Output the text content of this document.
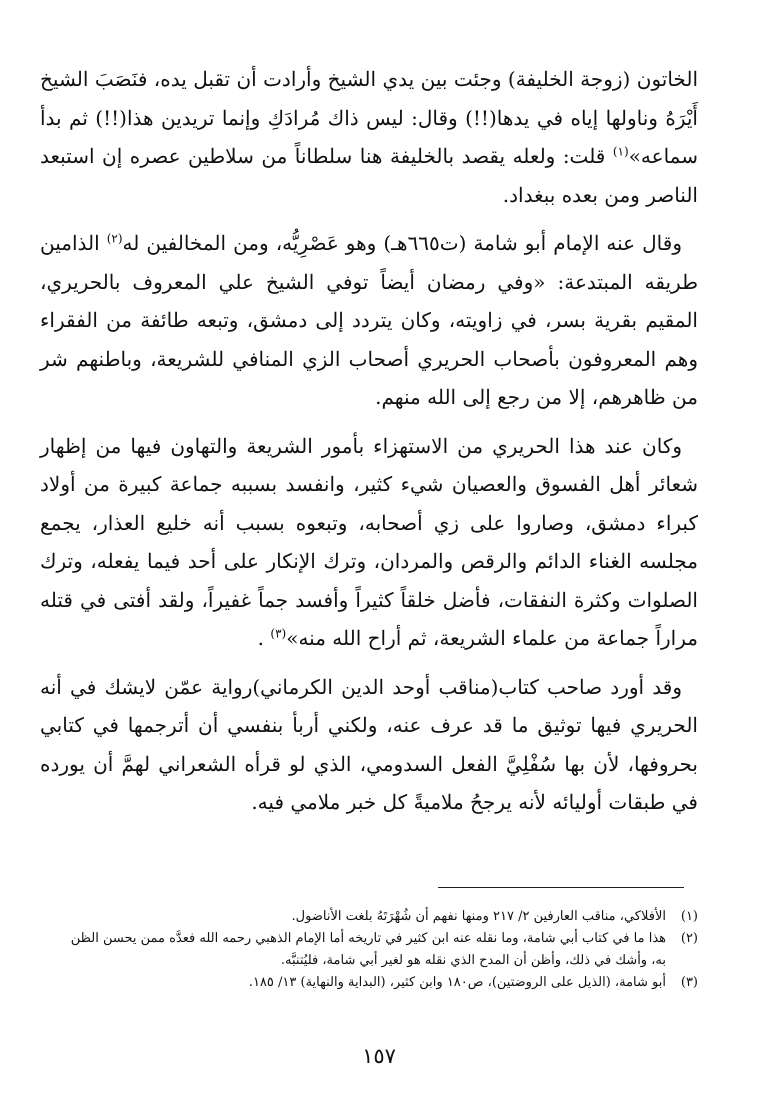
الخاتون (زوجة الخليفة) وجئت بين يدي الشيخ وأرادت أن تقبل يده، فنَصَبَ الشيخ أَيْرَهُ وناولها إياه في يدها(!!) وقال: ليس ذاك مُرادَكِ وإنما تريدين هذا(!!) ثم بدأ سماعه»$^{(١)}$ قلت: ولعله يقصد بالخليفة هنا سلطاناً من سلاطين عصره إن استبعد الناصر ومن بعده ببغداد.

وقال عنه الإمام أبو شامة (ت٦٦٥هـ) وهو عَصْرِيُّه، ومن المخالفين له$^{(٢)}$ الذامين طريقه المبتدعة: «وفي رمضان أيضاً توفي الشيخ علي المعروف بالحريري، المقيم بقرية بسر، في زاويته، وكان يتردد إلى دمشق، وتبعه طائفة من الفقراء وهم المعروفون بأصحاب الحريري أصحاب الزي المنافي للشريعة، وباطنهم شر من ظاهرهم، إلا من رجع إلى الله منهم.

وكان عند هذا الحريري من الاستهزاء بأمور الشريعة والتهاون فيها من إظهار شعائر أهل الفسوق والعصيان شيء كثير، وانفسد بسببه جماعة كبيرة من أولاد كبراء دمشق، وصاروا على زي أصحابه، وتبعوه بسبب أنه خليع العذار، يجمع مجلسه الغناء الدائم والرقص والمردان، وترك الإنكار على أحد فيما يفعله، وترك الصلوات وكثرة النفقات، فأضل خلقاً كثيراً وأفسد جماً غفيراً، ولقد أفتى في قتله مراراً جماعة من علماء الشريعة، ثم أراح الله منه»$^{(٣)}$ .

وقد أورد صاحب كتاب(مناقب أوحد الدين الكرماني)رواية عمّن لايشك في أنه الحريري فيها توثيق ما قد عرف عنه، ولكني أربأ بنفسي أن أترجمها في كتابي بحروفها، لأن بها سُفْلِيَّ الفعل السدومي، الذي لو قرأه الشعراني لهمَّ أن يورده في طبقات أوليائه لأنه يرجحُ ملاميةً كل خبر ملامي فيه.

(١)
الأفلاكي، مناقب العارفين ٢/ ٢١٧ ومنها نفهم أن شُهْرَتَهُ بلغت الأناضول.
(٢)
هذا ما في كتاب أبي شامة، وما نقله عنه ابن كثير في تاريخه أما الإمام الذهبي رحمه الله فعدَّه ممن يحسن الظن به، وأشك في ذلك، وأظن أن المدح الذي نقله هو لغير أبي شامة، فليُتنبَّه.
(٣)
أبو شامة، (الذيل على الروضتين)، ص١٨٠ وابن كثير، (البداية والنهاية) ١٣/ ١٨٥.
١٥٧
